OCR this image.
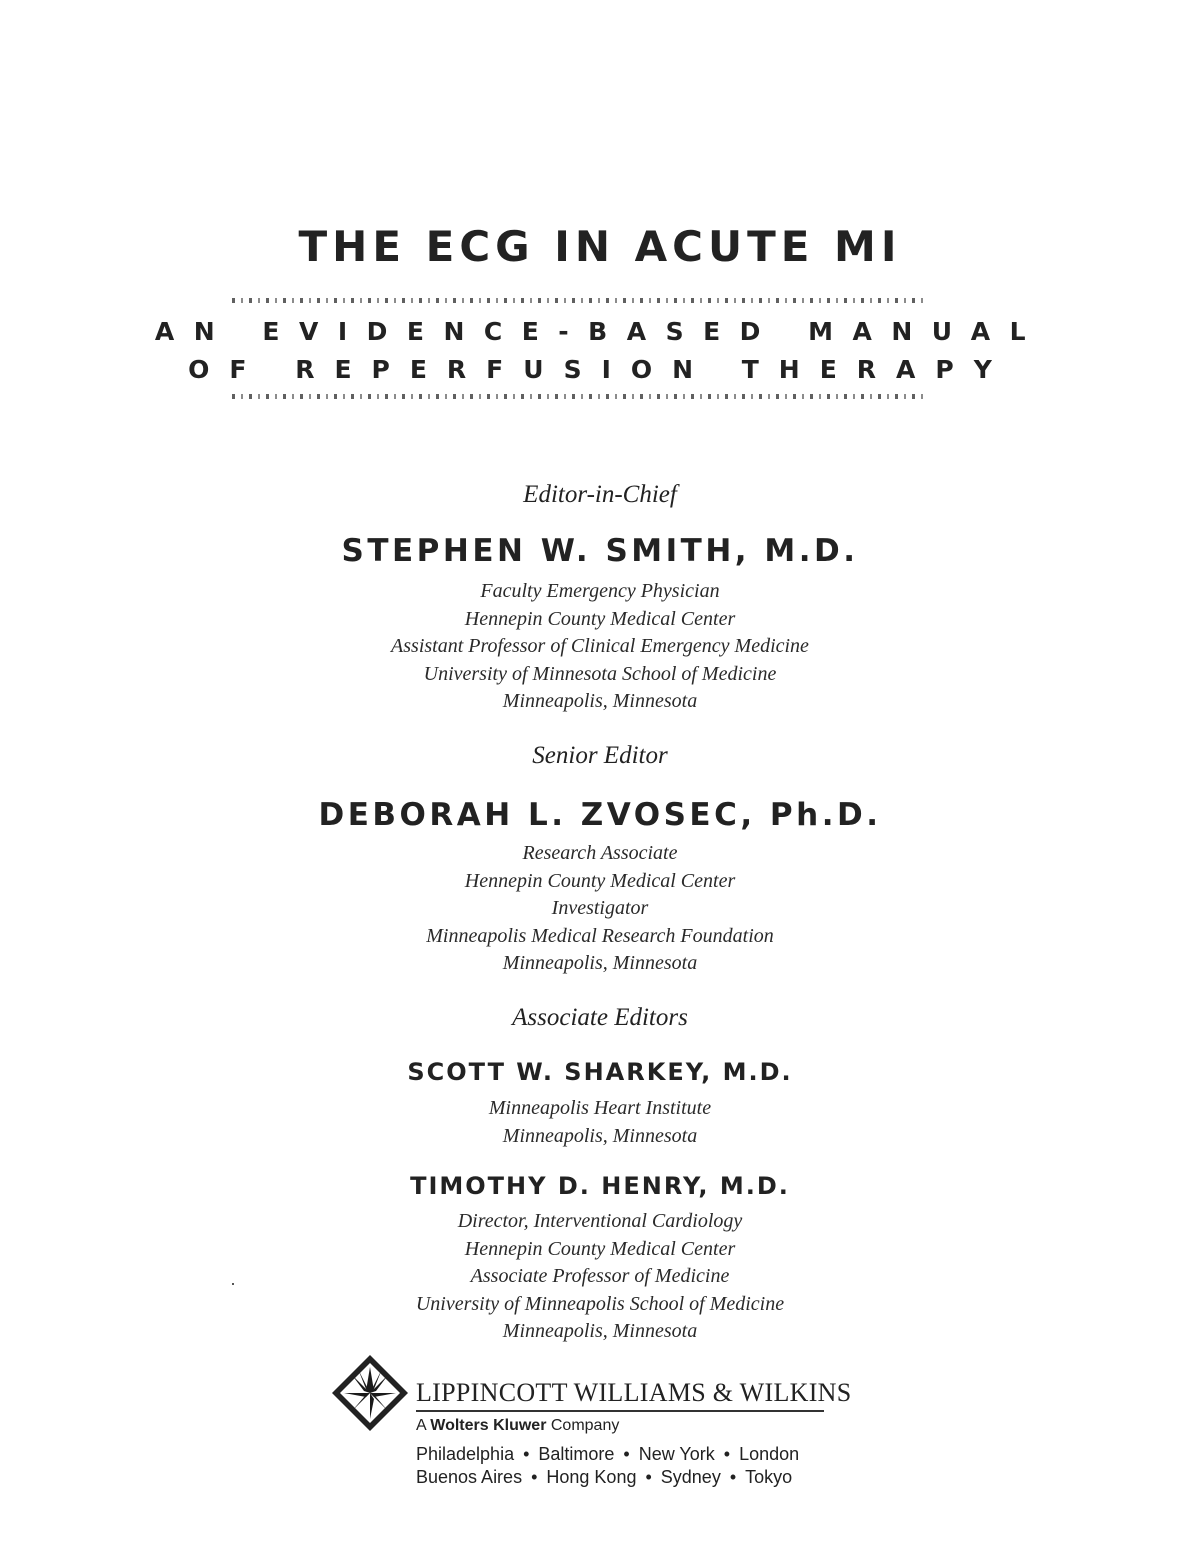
THE ECG IN ACUTE MI
AN EVIDENCE-BASED MANUAL
OF REPERFUSION THERAPY
Editor-in-Chief
STEPHEN W. SMITH, M.D.
Faculty Emergency Physician
Hennepin County Medical Center
Assistant Professor of Clinical Emergency Medicine
University of Minnesota School of Medicine
Minneapolis, Minnesota
Senior Editor
DEBORAH L. ZVOSEC, Ph.D.
Research Associate
Hennepin County Medical Center
Investigator
Minneapolis Medical Research Foundation
Minneapolis, Minnesota
Associate Editors
SCOTT W. SHARKEY, M.D.
Minneapolis Heart Institute
Minneapolis, Minnesota
TIMOTHY D. HENRY, M.D.
Director, Interventional Cardiology
Hennepin County Medical Center
Associate Professor of Medicine
University of Minneapolis School of Medicine
Minneapolis, Minnesota
LIPPINCOTT WILLIAMS & WILKINS
A Wolters Kluwer Company
Philadelphia • Baltimore • New York • London
Buenos Aires • Hong Kong • Sydney • Tokyo
